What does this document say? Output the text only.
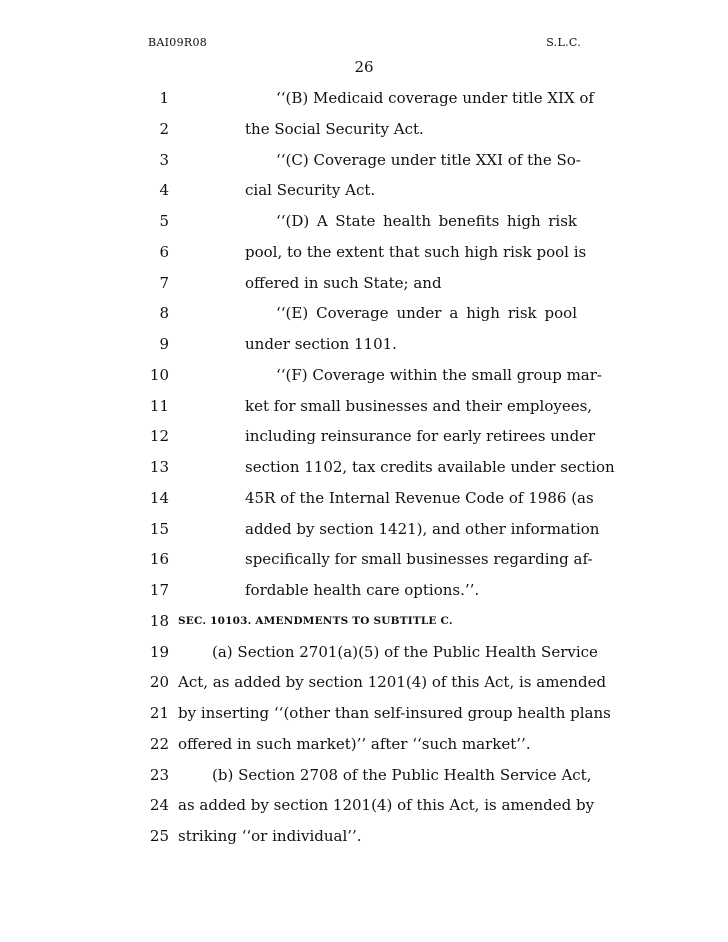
BAI09R08	S.L.C.
26
1	‘‘(B) Medicaid coverage under title XIX of
2	the Social Security Act.
3	‘‘(C) Coverage under title XXI of the So-
4	cial Security Act.
5	‘‘(D) A State health benefits high risk
6	pool, to the extent that such high risk pool is
7	offered in such State; and
8	‘‘(E) Coverage under a high risk pool
9	under section 1101.
10	‘‘(F) Coverage within the small group mar-
11	ket for small businesses and their employees,
12	including reinsurance for early retirees under
13	section 1102, tax credits available under section
14	45R of the Internal Revenue Code of 1986 (as
15	added by section 1421), and other information
16	specifically for small businesses regarding af-
17	fordable health care options.’’.
18 SEC. 10103. AMENDMENTS TO SUBTITLE C.
19	(a) Section 2701(a)(5) of the Public Health Service
20 Act, as added by section 1201(4) of this Act, is amended
21 by inserting ‘‘(other than self-insured group health plans
22 offered in such market)’’ after ‘‘such market’’.
23	(b) Section 2708 of the Public Health Service Act,
24 as added by section 1201(4) of this Act, is amended by
25 striking ‘‘or individual’’.
